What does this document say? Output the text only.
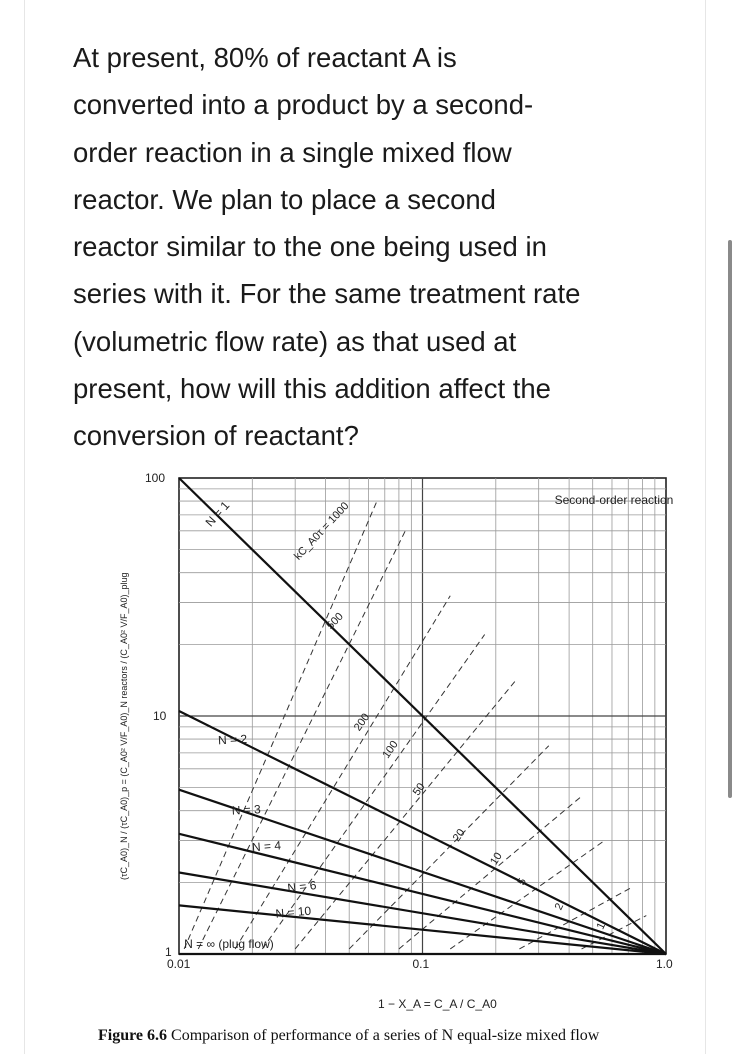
At present, 80% of reactant A is
converted into a product by a second-
order reaction in a single mixed flow
reactor. We plan to place a second
reactor similar to the one being used in
series with it. For the same treatment rate
(volumetric flow rate) as that used at
present, how will this addition affect the
conversion of reactant?

0.01	0.1	1.0
100
10
1
1 − X_A = C_A / C_A0
(τC_A0)_N / (τC_A0)_p = (C_A0² V/F_A0)_N reactors / (C_A0² V/F_A0)_plug
Second-order reaction
N = 1
N = 2
N = 3
N = 4
N = 6
N = 10
N = ∞ (plug flow)
kC_A0τ = 1000
500
200
100
50
20
10
5
2
1

Figure 6.6 Comparison of performance of a series of N equal-size mixed flow
